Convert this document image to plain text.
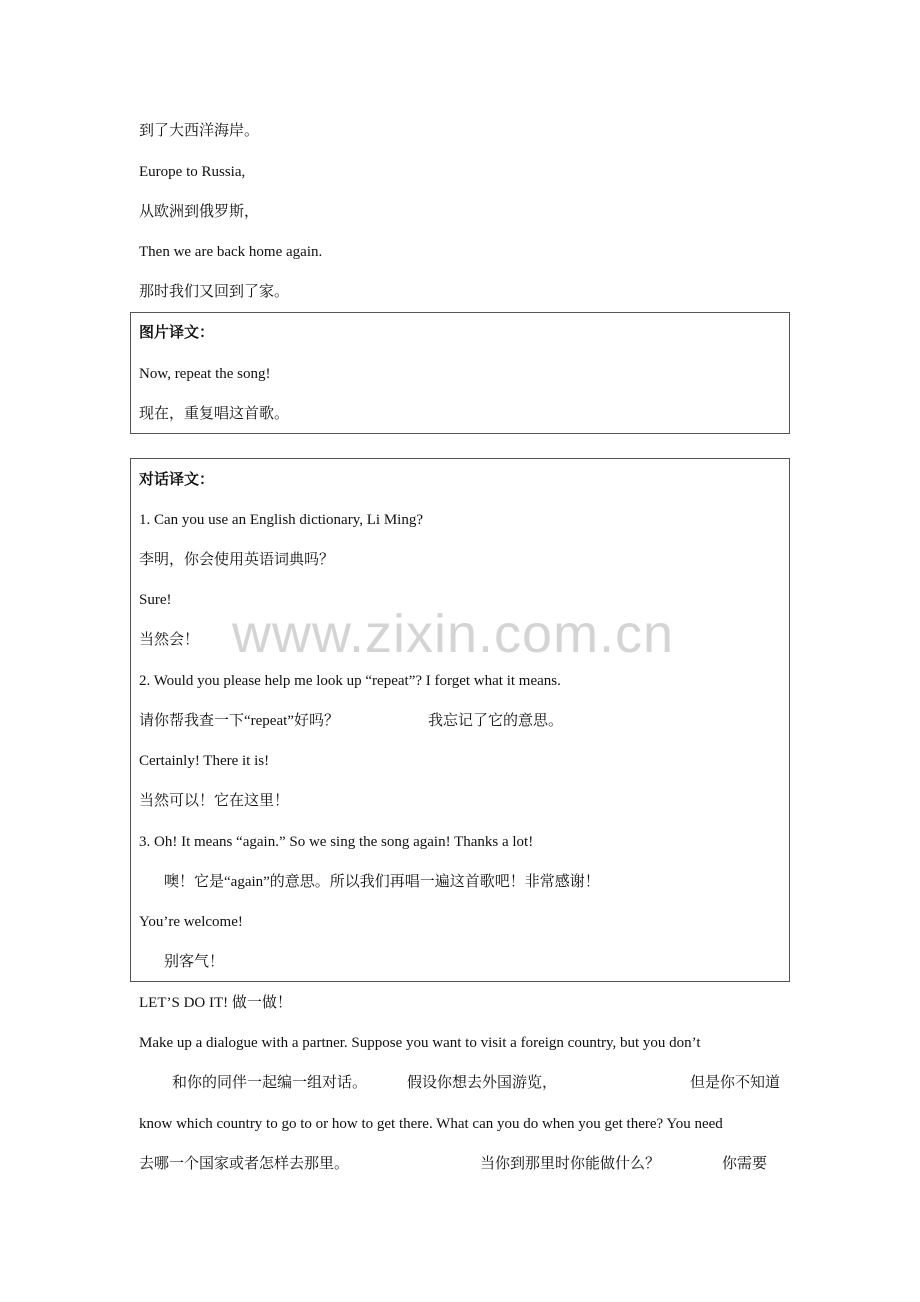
到了大西洋海岸。
Europe to Russia,
从欧洲到俄罗斯，
Then we are back home again.
那时我们又回到了家。
图片译文：
Now, repeat the song!
现在，重复唱这首歌。
对话译文：
1. Can you use an English dictionary, Li Ming?
李明，你会使用英语词典吗？
Sure!
当然会！
2. Would you please help me look up “repeat”? I forget what it means.
请你帮我查一下“repeat”好吗？	我忘记了它的意思。
Certainly! There it is!
当然可以！它在这里！
3. Oh! It means “again.” So we sing the song again! Thanks a lot!
噢！它是“again”的意思。所以我们再唱一遍这首歌吧！非常感谢！
You’re welcome!
别客气！
www.zixin.com.cn
LET’S DO IT! 做一做！
Make up a dialogue with a partner. Suppose you want to visit a foreign country, but you don’t
和你的同伴一起编一组对话。	假设你想去外国游览，	但是你不知道
know which country to go to or how to get there. What can you do when you get there? You need
去哪一个国家或者怎样去那里。	当你到那里时你能做什么？	你需要
